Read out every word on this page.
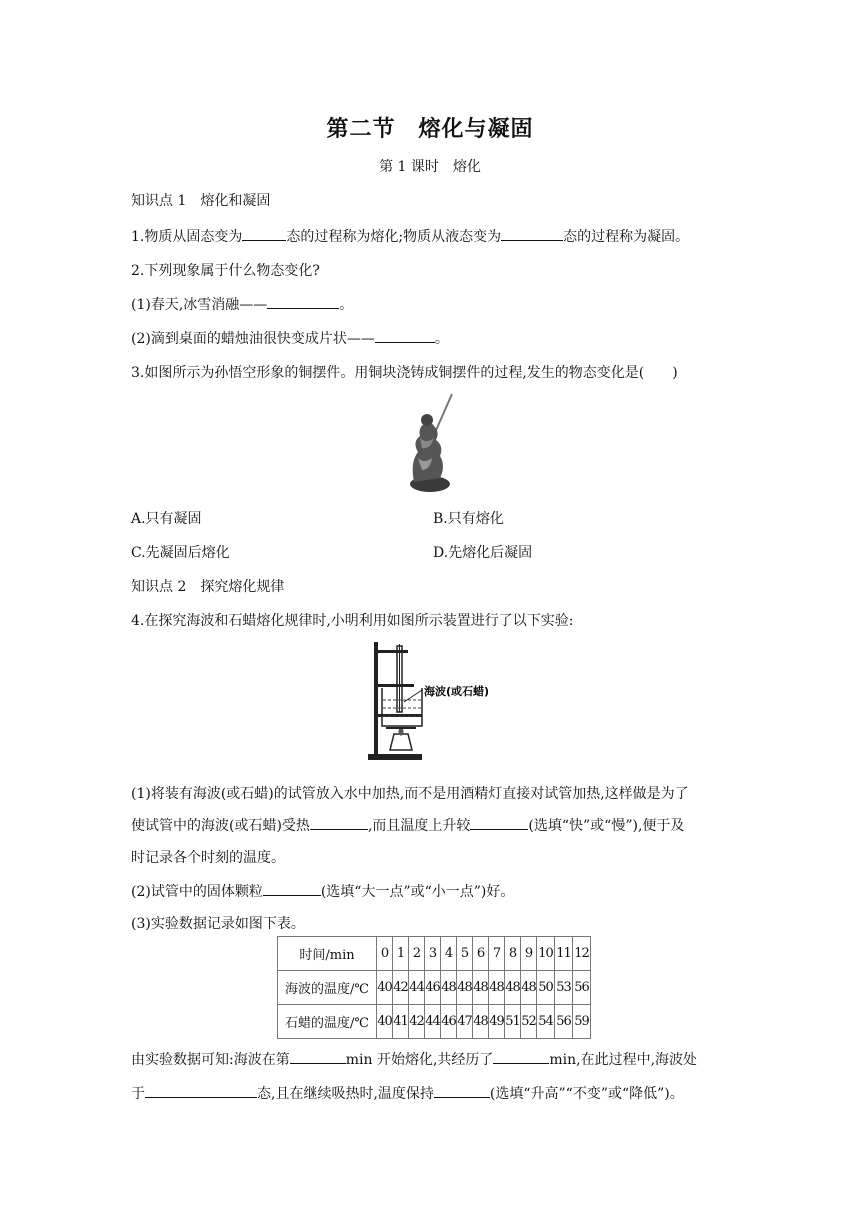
第二节　熔化与凝固
第 1 课时　熔化
知识点 1　熔化和凝固
1.物质从固态变为	态的过程称为熔化;物质从液态变为	态的过程称为凝固。
2.下列现象属于什么物态变化?
(1)春天,冰雪消融——	。
(2)滴到桌面的蜡烛油很快变成片状——	。
3.如图所示为孙悟空形象的铜摆件。用铜块浇铸成铜摆件的过程,发生的物态变化是(　　)
A.只有凝固	B.只有熔化
C.先凝固后熔化	D.先熔化后凝固
知识点 2　探究熔化规律
4.在探究海波和石蜡熔化规律时,小明利用如图所示装置进行了以下实验:
海波(或石蜡)
(1)将装有海波(或石蜡)的试管放入水中加热,而不是用酒精灯直接对试管加热,这样做是为了
使试管中的海波(或石蜡)受热	,而且温度上升较	(选填“快”或“慢”),便于及
时记录各个时刻的温度。
(2)试管中的固体颗粒	(选填“大一点”或“小一点”)好。
(3)实验数据记录如图下表。
时间/min	0	1	2	3	4	5	6	7	8	9	10	11	12
海波的温度/℃	40	42	44	46	48	48	48	48	48	48	50	53	56
石蜡的温度/℃	40	41	42	44	46	47	48	49	51	52	54	56	59
由实验数据可知:海波在第	min 开始熔化,共经历了	min,在此过程中,海波处
于	态,且在继续吸热时,温度保持	(选填“升高”“不变”或“降低”)。
